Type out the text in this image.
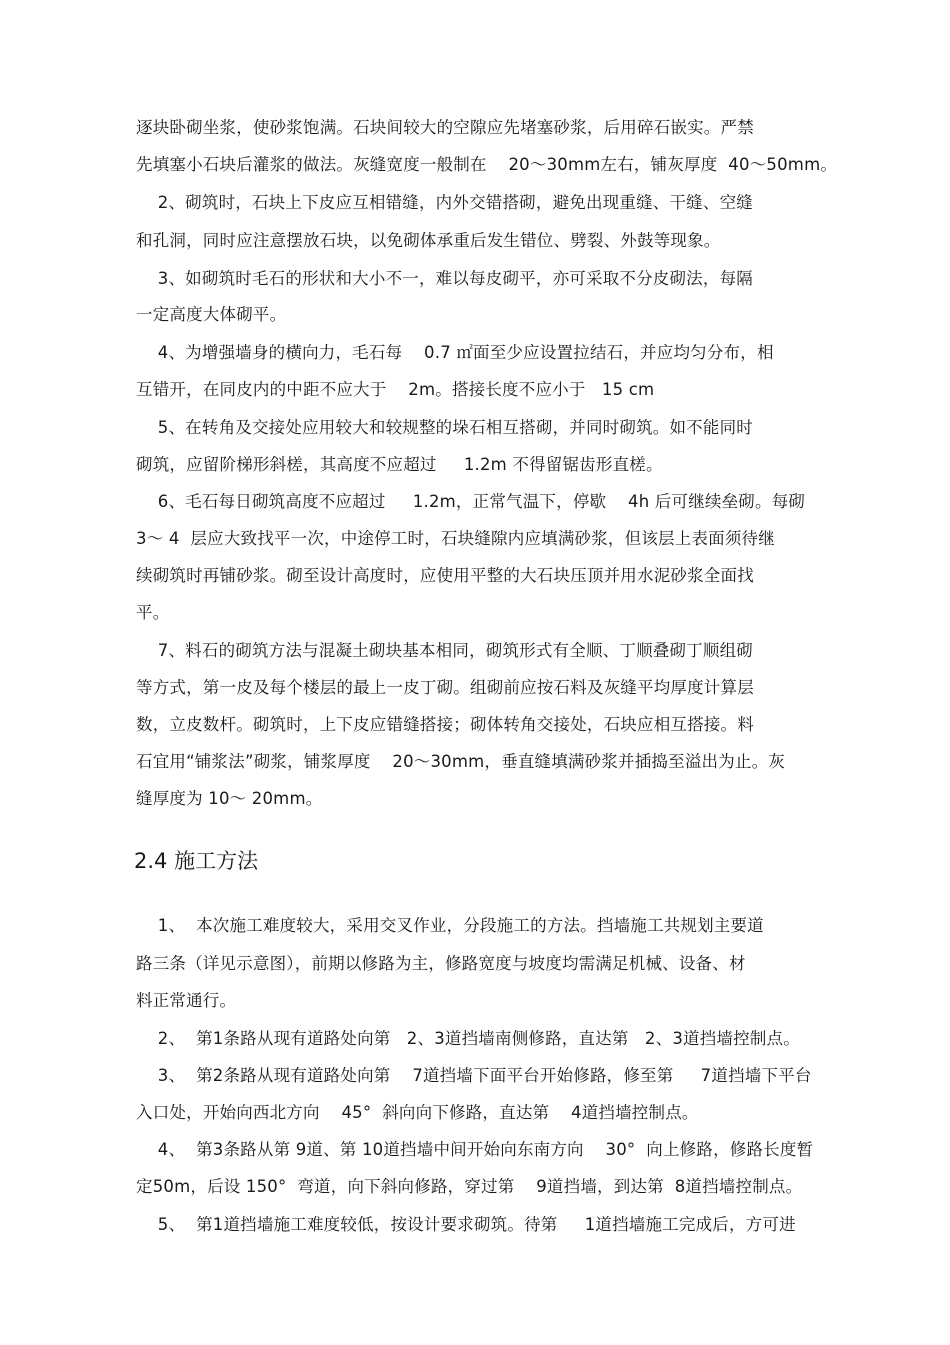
逐块卧砌坐浆，使砂浆饱满。石块间较大的空隙应先堵塞砂浆，后用碎石嵌实。严禁
先填塞小石块后灌浆的做法。灰缝宽度一般制在    20～30mm左右，铺灰厚度  40～50mm。
2、砌筑时，石块上下皮应互相错缝，内外交错搭砌，避免出现重缝、干缝、空缝
和孔洞，同时应注意摆放石块，以免砌体承重后发生错位、劈裂、外鼓等现象。
3、如砌筑时毛石的形状和大小不一，难以每皮砌平，亦可采取不分皮砌法，每隔
一定高度大体砌平。
4、为增强墙身的横向力，毛石每    0.7 ㎡面至少应设置拉结石，并应均匀分布，相
互错开，在同皮内的中距不应大于    2m。搭接长度不应小于   15 cm
5、在转角及交接处应用较大和较规整的垛石相互搭砌，并同时砌筑。如不能同时
砌筑，应留阶梯形斜槎，其高度不应超过     1.2m 不得留锯齿形直槎。
6、毛石每日砌筑高度不应超过     1.2m，正常气温下，停歇    4h 后可继续垒砌。每砌
3～ 4  层应大致找平一次，中途停工时，石块缝隙内应填满砂浆，但该层上表面须待继
续砌筑时再铺砂浆。砌至设计高度时，应使用平整的大石块压顶并用水泥砂浆全面找
平。
7、料石的砌筑方法与混凝土砌块基本相同，砌筑形式有全顺、丁顺叠砌丁顺组砌
等方式，第一皮及每个楼层的最上一皮丁砌。组砌前应按石料及灰缝平均厚度计算层
数，立皮数杆。砌筑时，上下皮应错缝搭接；砌体转角交接处，石块应相互搭接。料
石宜用“铺浆法”砌浆，铺浆厚度    20～30mm，垂直缝填满砂浆并插捣至溢出为止。灰
缝厚度为 10～ 20mm。
2.4 施工方法
1、  本次施工难度较大，采用交叉作业，分段施工的方法。挡墙施工共规划主要道
路三条（详见示意图），前期以修路为主，修路宽度与坡度均需满足机械、设备、材
料正常通行。
2、  第1条路从现有道路处向第   2、3道挡墙南侧修路，直达第   2、3道挡墙控制点。
3、  第2条路从现有道路处向第    7道挡墙下面平台开始修路，修至第     7道挡墙下平台
入口处，开始向西北方向    45°  斜向向下修路，直达第    4道挡墙控制点。
4、  第3条路从第 9道、第 10道挡墙中间开始向东南方向    30°  向上修路，修路长度暂
定50m，后设 150°  弯道，向下斜向修路，穿过第    9道挡墙，到达第  8道挡墙控制点。
5、  第1道挡墙施工难度较低，按设计要求砌筑。待第     1道挡墙施工完成后，方可进
